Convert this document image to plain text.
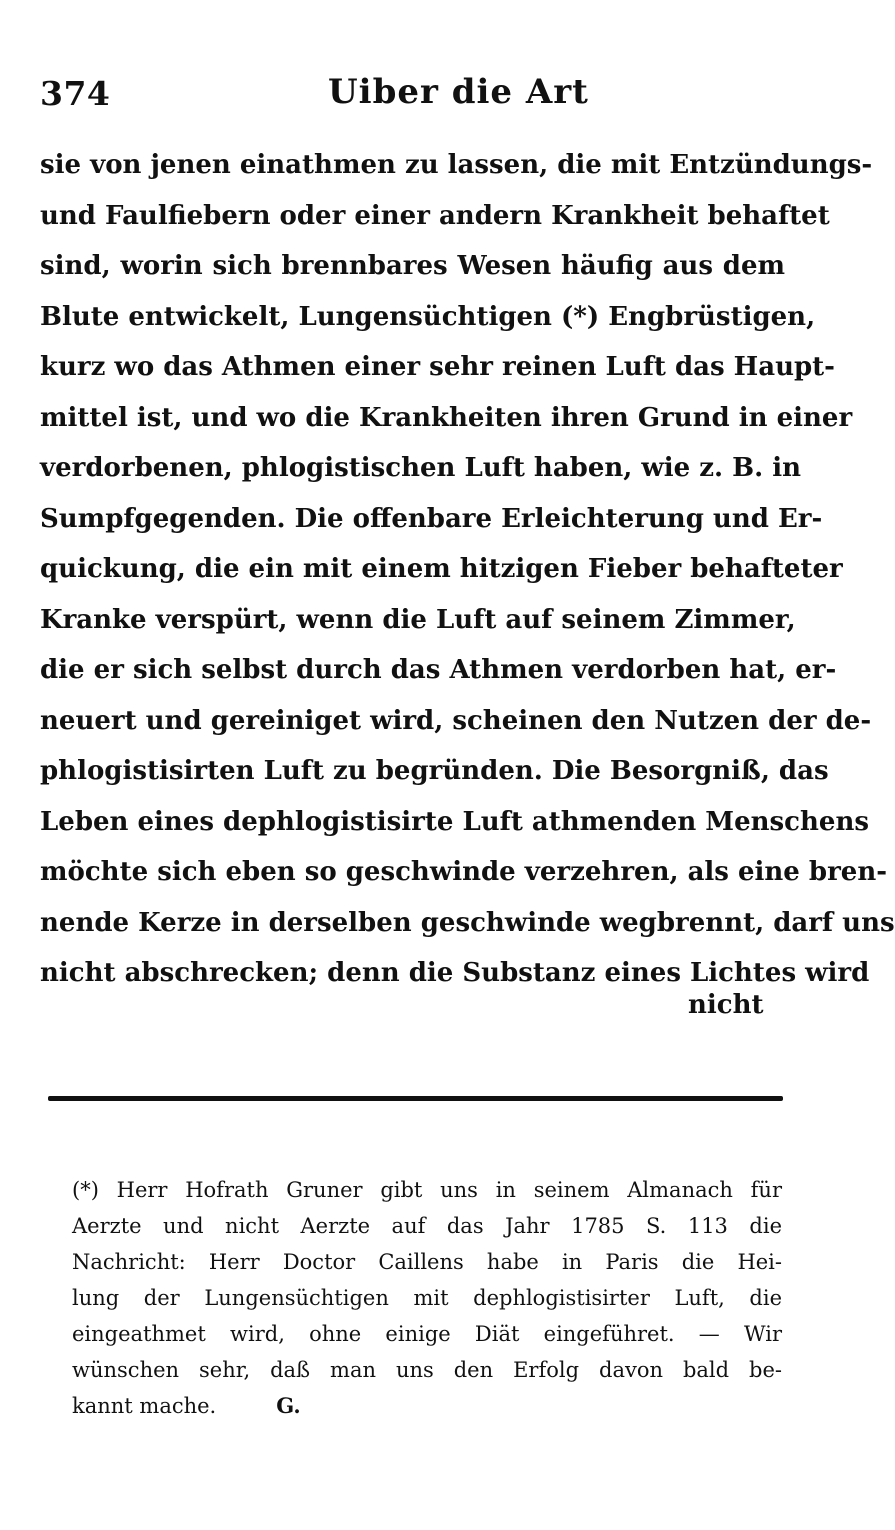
374	Uiber die Art
sie von jenen einathmen zu lassen, die mit Entzündungs-
und Faulfiebern oder einer andern Krankheit behaftet
sind, worin sich brennbares Wesen häufig aus dem
Blute entwickelt, Lungensüchtigen (*) Engbrüstigen,
kurz wo das Athmen einer sehr reinen Luft das Haupt-
mittel ist, und wo die Krankheiten ihren Grund in einer
verdorbenen, phlogistischen Luft haben, wie z. B. in
Sumpfgegenden. Die offenbare Erleichterung und Er-
quickung, die ein mit einem hitzigen Fieber behafteter
Kranke verspürt, wenn die Luft auf seinem Zimmer,
die er sich selbst durch das Athmen verdorben hat, er-
neuert und gereiniget wird, scheinen den Nutzen der de-
phlogistisirten Luft zu begründen. Die Besorgniß, das
Leben eines dephlogistisirte Luft athmenden Menschens
möchte sich eben so geschwinde verzehren, als eine bren-
nende Kerze in derselben geschwinde wegbrennt, darf uns
nicht abschrecken; denn die Substanz eines Lichtes wird
nicht
(*) Herr Hofrath Gruner gibt uns in seinem Almanach für
Aerzte und nicht Aerzte auf das Jahr 1785 S. 113 die
Nachricht: Herr Doctor Caillens habe in Paris die Hei-
lung der Lungensüchtigen mit dephlogistisirter Luft, die
eingeathmet wird, ohne einige Diät eingeführet. — Wir
wünschen sehr, daß man uns den Erfolg davon bald be-
kannt mache.	G.
